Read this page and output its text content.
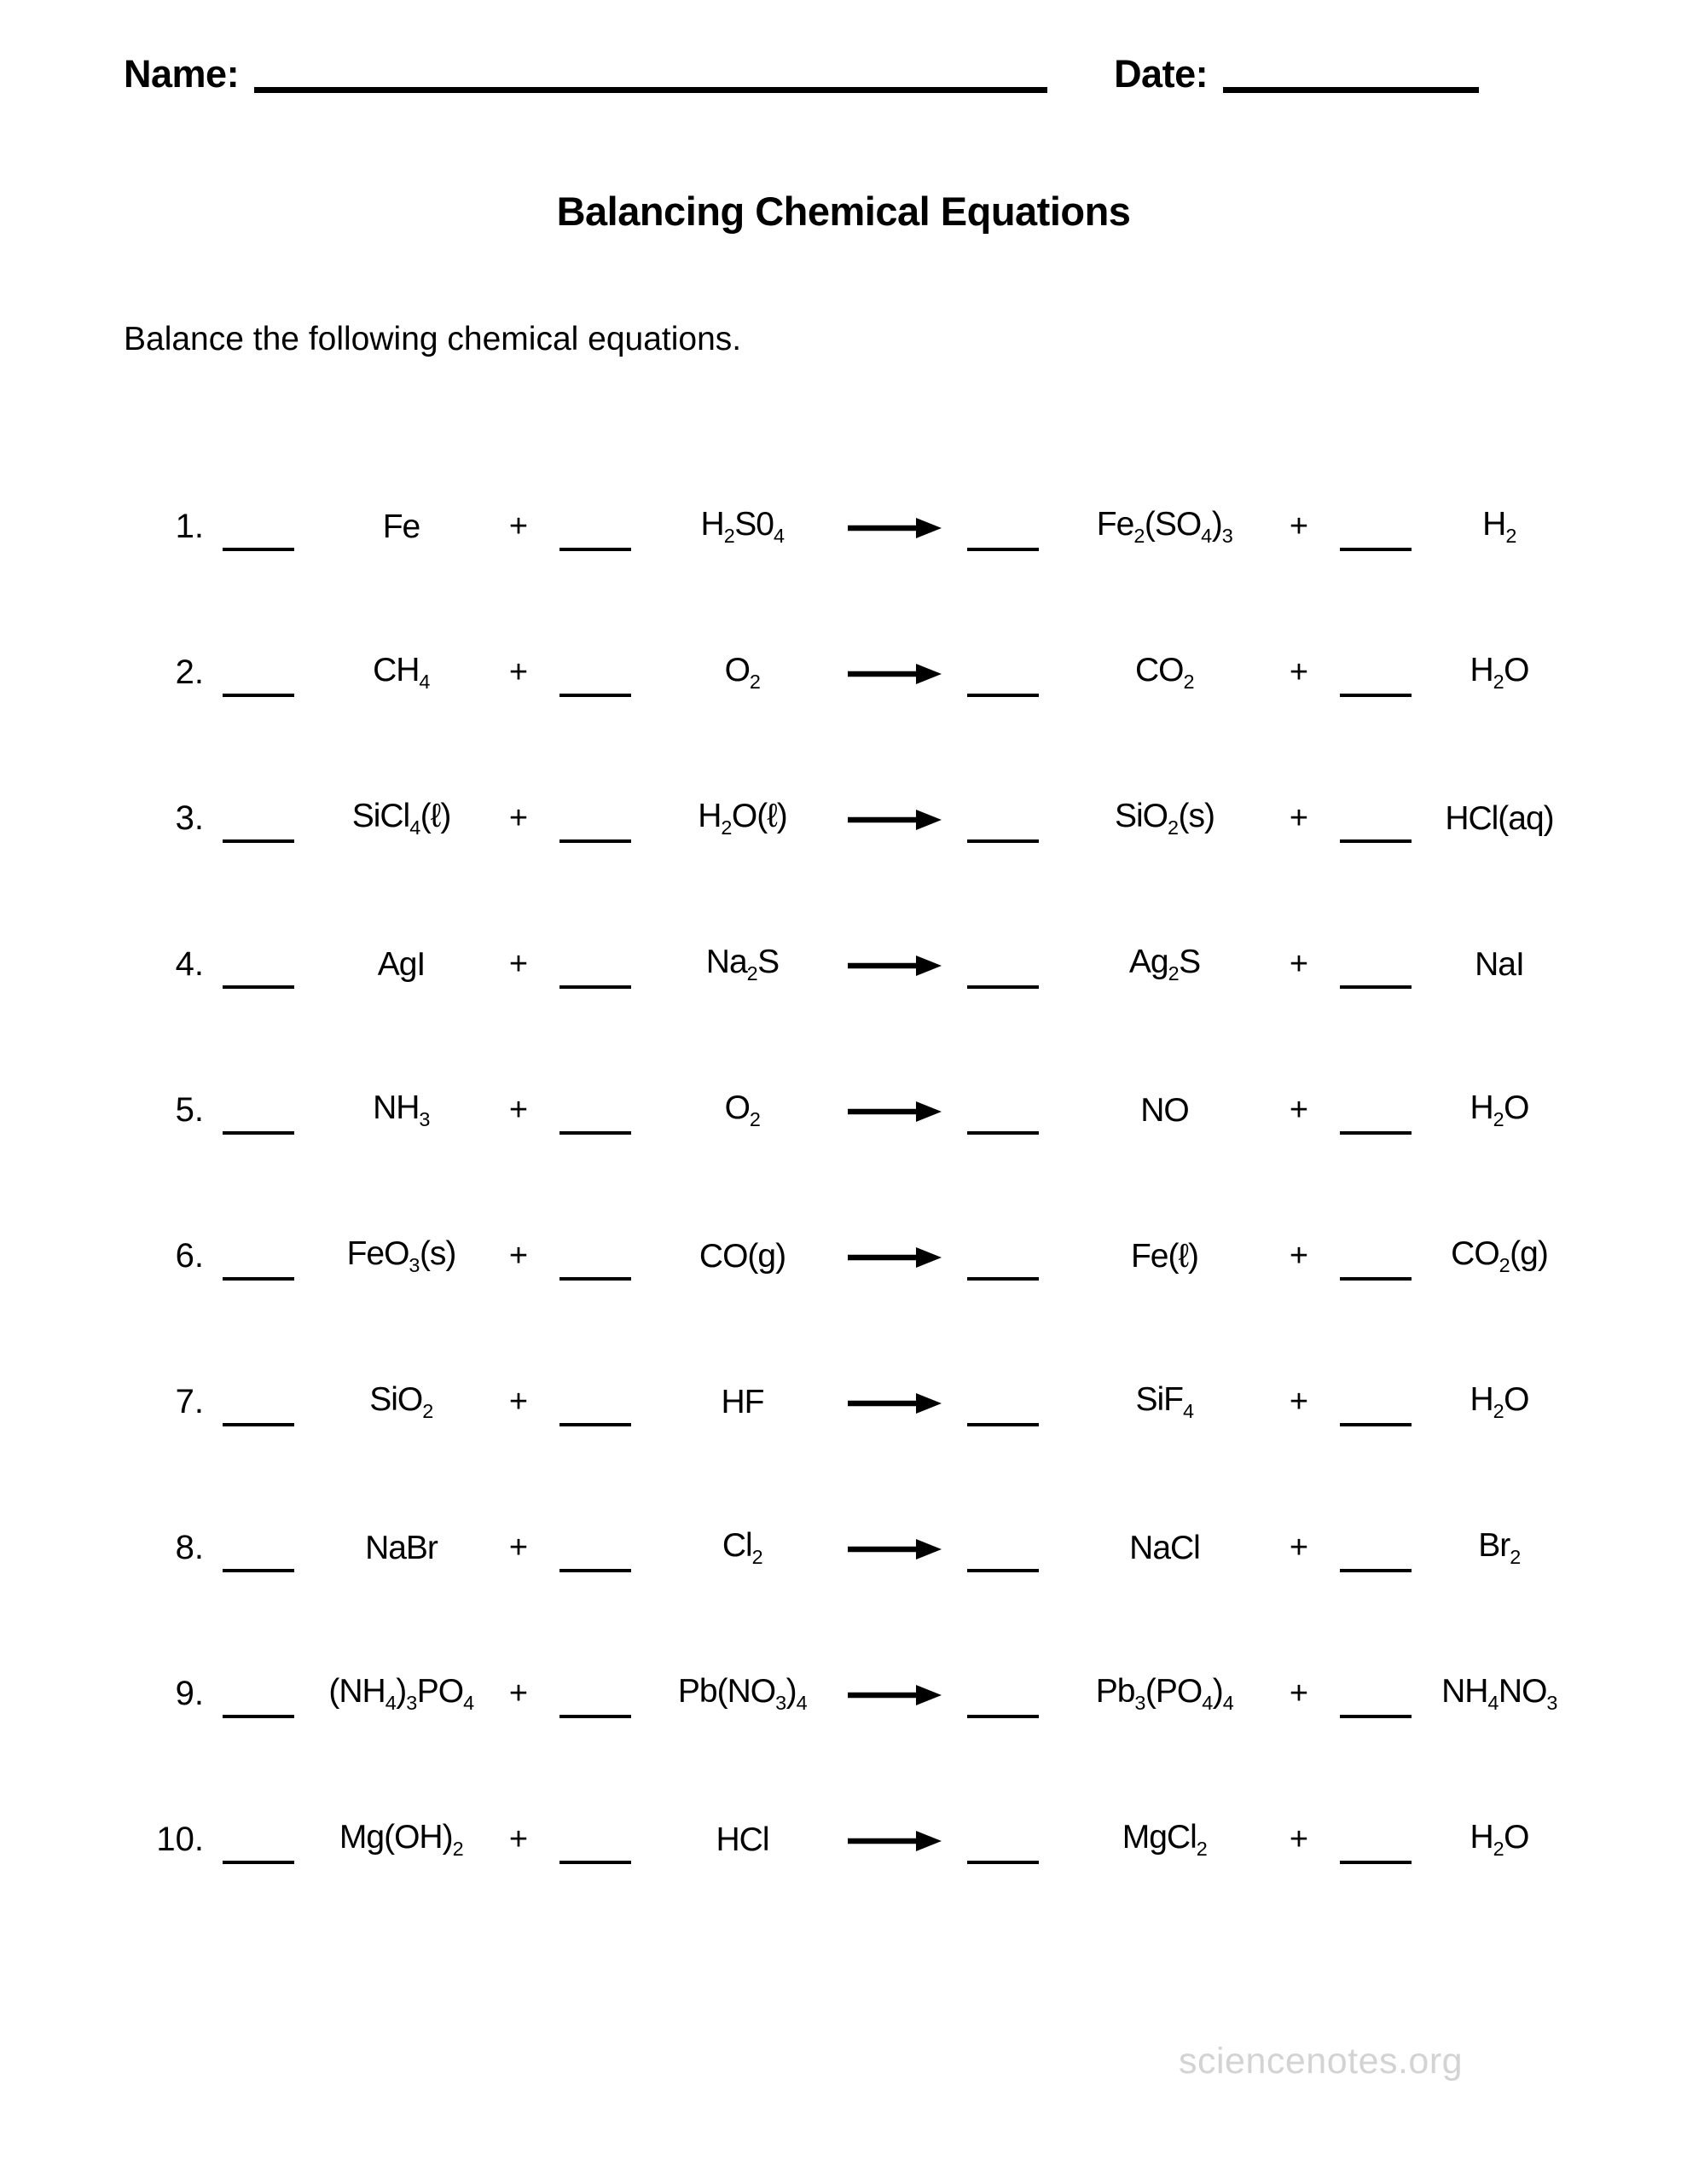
Name:	Date:
Balancing Chemical Equations
Balance the following chemical equations.
1.	Fe	+	$H_2S0_4$	$Fe_2(SO_4)_3$	+	$H_2$
2.	$CH_4$	+	$O_2$	$CO_2$	+	$H_2O$
3.	SiCl$_4$(ℓ)	+	$H_2O(\ell)$	SiO$_2$(s)	+	HCl(aq)
4.	AgI	+	$Na_2S$	$Ag_2S$	+	NaI
5.	$NH_3$	+	$O_2$	NO	+	$H_2O$
6.	FeO$_3$(s)	+	CO(g)	Fe(ℓ)	+	$CO_2(g)$
7.	SiO$_2$	+	HF	SiF$_4$	+	$H_2O$
8.	NaBr	+	$Cl_2$	NaCl	+	$Br_2$
9.	$(NH_4)_3PO_4$	+	$Pb(NO_3)_4$ →	$Pb_3(PO_4)_4$	+	$NH_4NO_3$
10.	$Mg(OH)_2$	+	HCl	MgCl$_2$	+	$H_2O$
sciencenotes.org
